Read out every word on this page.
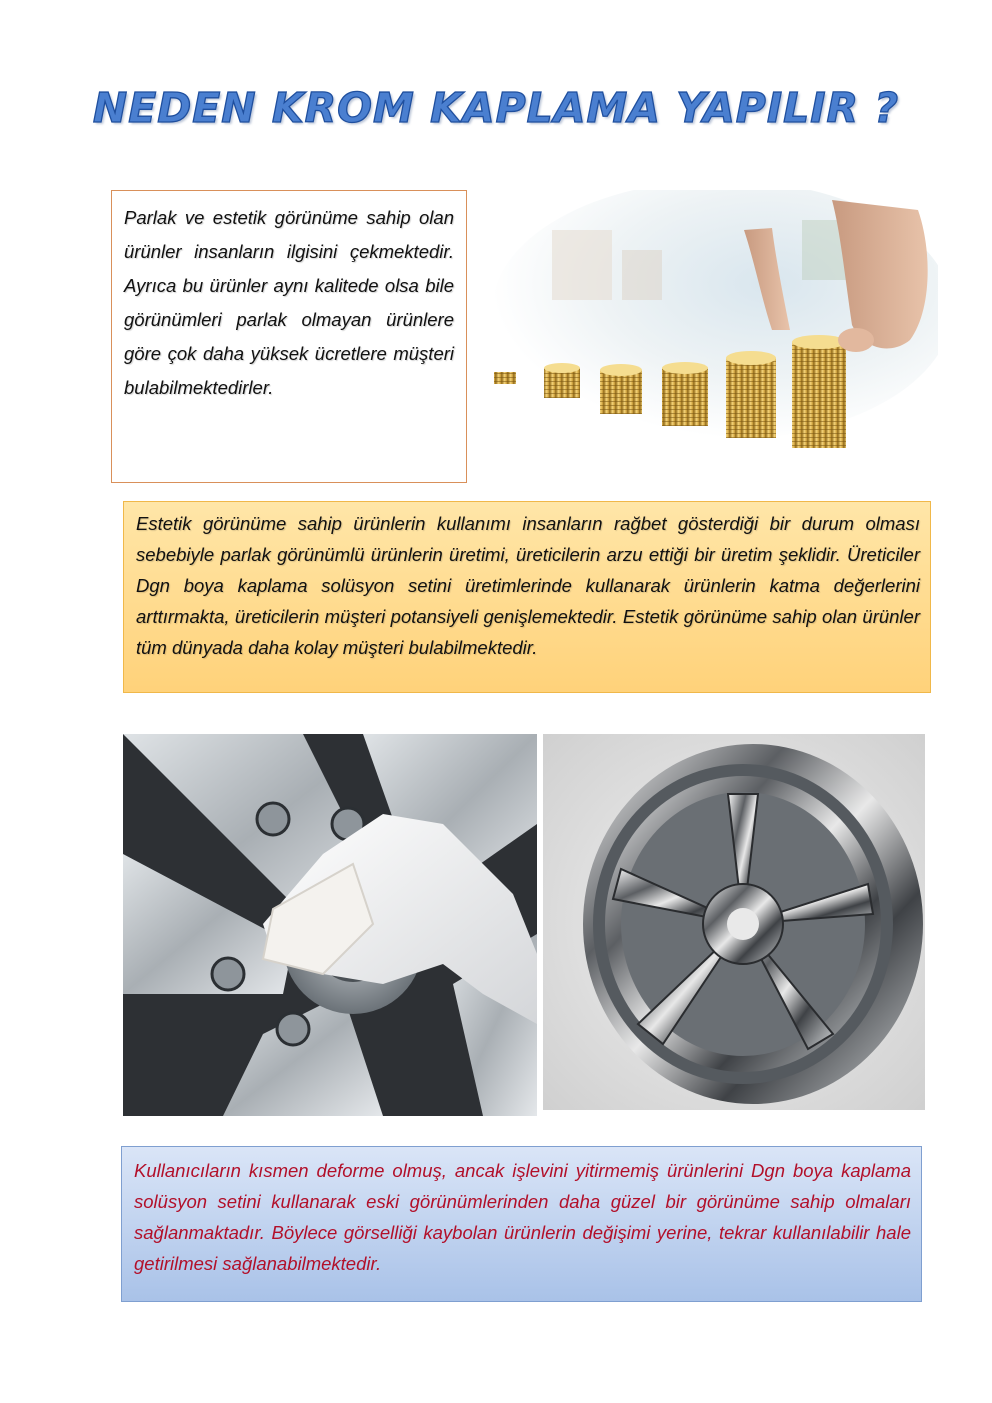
NEDEN KROM KAPLAMA YAPILIR ?

Parlak ve estetik görünüme sahip olan ürünler insanların ilgisini çekmektedir. Ayrıca bu ürünler aynı kalitede olsa bile görünümleri parlak olmayan ürünlere göre çok daha yüksek ücretlere müşteri bulabilmektedirler.

Estetik görünüme sahip ürünlerin kullanımı insanların rağbet gösterdiği bir durum olması sebebiyle parlak görünümlü ürünlerin üretimi, üreticilerin arzu ettiği bir üretim şeklidir. Üreticiler Dgn boya kaplama solüsyon setini üretimlerinde kullanarak ürünlerin katma değerlerini arttırmakta, üreticilerin müşteri potansiyeli genişlemektedir. Estetik görünüme sahip olan ürünler tüm dünyada daha kolay müşteri bulabilmektedir.

Kullanıcıların kısmen deforme olmuş, ancak işlevini yitirmemiş ürünlerini Dgn boya kaplama solüsyon setini kullanarak eski görünümlerinden daha güzel bir görünüme sahip olmaları sağlanmaktadır. Böylece görselliği kaybolan ürünlerin değişimi yerine, tekrar kullanılabilir hale getirilmesi sağlanabilmektedir.
